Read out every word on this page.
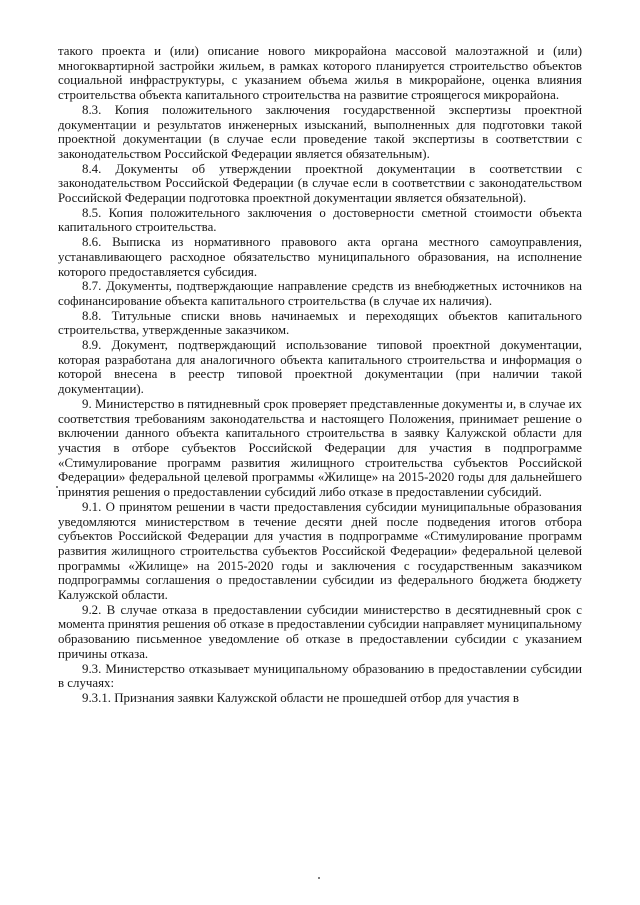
такого проекта и (или) описание нового микрорайона массовой малоэтажной и (или) многоквартирной застройки жильем, в рамках которого планируется строительство объектов социальной инфраструктуры, с указанием объема жилья в микрорайоне, оценка влияния строительства объекта капитального строительства на развитие строящегося микрорайона.

8.3. Копия положительного заключения государственной экспертизы проектной документации и результатов инженерных изысканий, выполненных для подготовки такой проектной документации (в случае если проведение такой экспертизы в соответствии с законодательством Российской Федерации является обязательным).

8.4. Документы об утверждении проектной документации в соответствии с законодательством Российской Федерации (в случае если в соответствии с законодательством Российской Федерации подготовка проектной документации является обязательной).

8.5. Копия положительного заключения о достоверности сметной стоимости объекта капитального строительства.

8.6. Выписка из нормативного правового акта органа местного самоуправления, устанавливающего расходное обязательство муниципального образования, на исполнение которого предоставляется субсидия.

8.7. Документы, подтверждающие направление средств из внебюджетных источников на софинансирование объекта капитального строительства (в случае их наличия).

8.8. Титульные списки вновь начинаемых и переходящих объектов капитального строительства, утвержденные заказчиком.

8.9. Документ, подтверждающий использование типовой проектной документации, которая разработана для аналогичного объекта капитального строительства и информация о которой внесена в реестр типовой проектной документации (при наличии такой документации).

9. Министерство в пятидневный срок проверяет представленные документы и, в случае их соответствия требованиям законодательства и настоящего Положения, принимает решение о включении данного объекта капитального строительства в заявку Калужской области для участия в отборе субъектов Российской Федерации для участия в подпрограмме «Стимулирование программ развития жилищного строительства субъектов Российской Федерации» федеральной целевой программы «Жилище» на 2015-2020 годы для дальнейшего принятия решения о предоставлении субсидий либо отказе в предоставлении субсидий.

9.1. О принятом решении в части предоставления субсидии муниципальные образования уведомляются министерством в течение десяти дней после подведения итогов отбора субъектов Российской Федерации для участия в подпрограмме «Стимулирование программ развития жилищного строительства субъектов Российской Федерации» федеральной целевой программы «Жилище» на 2015-2020 годы и заключения с государственным заказчиком подпрограммы соглашения о предоставлении субсидии из федерального бюджета бюджету Калужской области.

9.2. В случае отказа в предоставлении субсидии министерство в десятидневный срок с момента принятия решения об отказе в предоставлении субсидии направляет муниципальному образованию письменное уведомление об отказе в предоставлении субсидии с указанием причины отказа.

9.3. Министерство отказывает муниципальному образованию в предоставлении субсидии в случаях:

9.3.1. Признания заявки Калужской области не прошедшей отбор для участия в
